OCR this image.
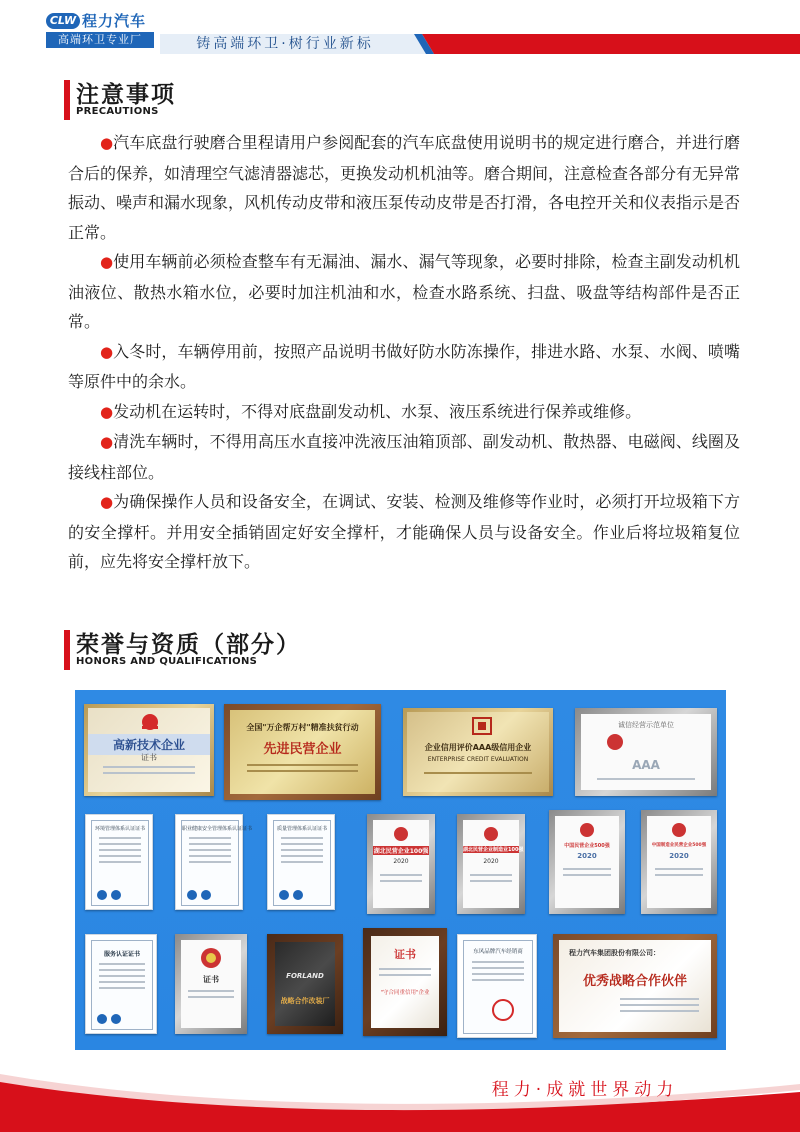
CLW 程力汽车
高端环卫专业厂	铸高端环卫·树行业新标
注意事项
PRECAUTIONS

●汽车底盘行驶磨合里程请用户参阅配套的汽车底盘使用说明书的规定进行磨合，并进行磨合后的保养，如清理空气滤清器滤芯，更换发动机机油等。磨合期间，注意检查各部分有无异常振动、噪声和漏水现象，风机传动皮带和液压泵传动皮带是否打滑，各电控开关和仪表指示是否正常。

●使用车辆前必须检查整车有无漏油、漏水、漏气等现象，必要时排除，检查主副发动机机油液位、散热水箱水位，必要时加注机油和水，检查水路系统、扫盘、吸盘等结构部件是否正常。

●入冬时，车辆停用前，按照产品说明书做好防水防冻操作，排进水路、水泵、水阀、喷嘴等原件中的余水。

●发动机在运转时，不得对底盘副发动机、水泵、液压系统进行保养或维修。

●清洗车辆时，不得用高压水直接冲洗液压油箱顶部、副发动机、散热器、电磁阀、线圈及接线柱部位。

●为确保操作人员和设备安全，在调试、安装、检测及维修等作业时，必须打开垃圾箱下方的安全撑杆。并用安全插销固定好安全撑杆，才能确保人员与设备安全。作业后将垃圾箱复位前，应先将安全撑杆放下。

荣誉与资质（部分）
HONORS AND QUALIFICATIONS
高新技术企业
证书
全国"万企帮万村"精准扶贫行动
先进民营企业	企业信用评价AAA级信用企业
ENTERPRISE CREDIT EVALUATION
诚信经营示范单位
AAA
环境管理体系认证证书	职业健康安全管理体系认证证书	质量管理体系认证证书
湖北民营企业100强
2020
湖北民营企业制造业100强
2020
中国民营企业500强
2020
中国制造业民营企业500强
2020
服务认证证书
证书	FORLAND
战略合作改装厂
证书
"守合同重信用"企业
东风品牌汽车经销商	程力汽车集团股份有限公司：
优秀战略合作伙伴
程力·成就世界动力
